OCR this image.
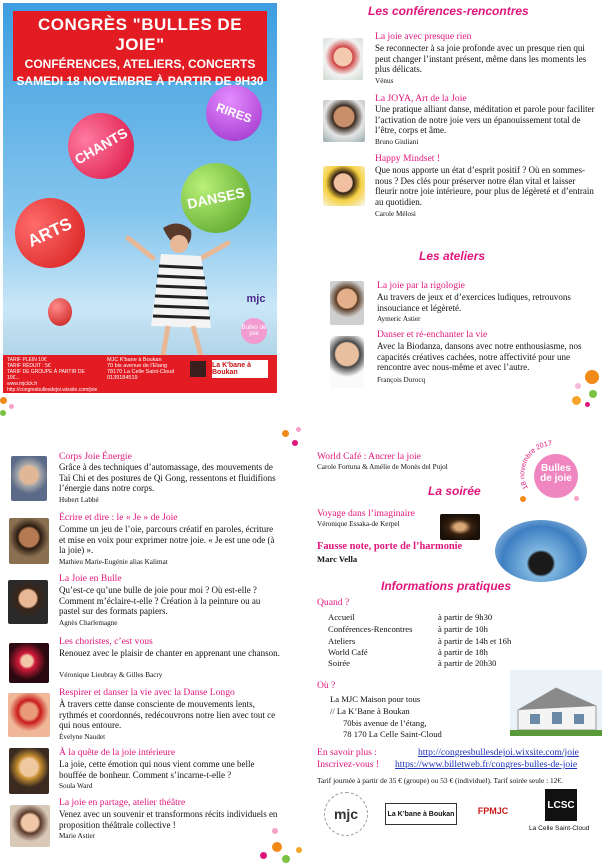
CONGRÈS "BULLES DE JOIE"
CONFÉRENCES, ATELIERS, CONCERTS
SAMEDI 18 NOVEMBRE À PARTIR DE 9H30
CHANTS
RIRES
DANSES
ARTS
mjc
Bulles de joie
TARIF PLEIN 10€
TARIF RÉDUIT : 5€
TARIF DE GROUPE À PARTIR DE 10€...
www.mjclck.fr
http://congresbullesdejoi.wixsite.com/joie
MJC K'bane à Boukan
70 bis avenue de l'Etang
78170 La Celle Saint-Cloud
0139184519
La K'bane à Boukan
Les conférences-rencontres
La joie avec presque rien
Se reconnecter à sa joie profonde avec un presque rien qui peut changer l’instant présent, même dans les moments les plus délicats.
Vénus
La JOYA, Art de la Joie
Une pratique alliant danse, méditation et parole pour faciliter l’activation de notre joie vers un épanouissement total de l’être, corps et âme.
Bruno Giuliani
Happy Mindset !
Que nous apporte un état d’esprit positif ? Où en sommes-nous ? Des clés pour préserver notre élan vital et laisser fleurir notre joie intérieure, pour plus de légèreté et d’entrain au quotidien.
Carole Mélosi
Les ateliers
La joie par la rigologie
Au travers de jeux et d’exercices ludiques, retrouvons insouciance et légèreté.
Aymeric Astier
Danser et ré-enchanter la vie
Avec la Biodanza, dansons avec notre enthousiasme, nos capacités créatives cachées, notre affectivité pour une rencontre avec nous-même et avec l’autre.
François Durocq
Corps Joie Énergie
Grâce à des techniques d’automassage, des mouvements de Taï Chi et des postures de Qi Gong, ressentons et fluidifions l’énergie dans notre corps.
Hubert Labbé
Écrire et dire : le « Je » de Joie
Comme un jeu de l’oie, parcours créatif en paroles, écriture et mise en voix pour exprimer notre joie. « Je est une ode (à la joie) ».
Mathieu Marie-Eugénie alias Kalimat
La Joie en Bulle
Qu’est-ce qu’une bulle de joie pour moi ? Où est-elle ? Comment m’éclaire-t-elle ? Création à la peinture ou au pastel sur des formats papiers.
Agnès Charlemagne
Les choristes, c’est vous
Renouez avec le plaisir de chanter en apprenant une chanson.
Véronique Lieubray & Gilles Bacry
Respirer et danser la vie avec la Danse Longo
À travers cette danse consciente de mouvements lents, rythmés et coordonnés, redécouvrons notre lien avec tout ce qui nous entoure.
Évelyne Naudet
À la quête de la joie intérieure
La joie, cette émotion qui nous vient comme une belle bouffée de bonheur. Comment s’incarne-t-elle ?
Soula Ward
La joie en partage, atelier théâtre
Venez avec un souvenir et transformons récits individuels en proposition théâtrale collective !
Marie Astier
World Café : Ancrer la joie
Carole Fortuna & Amélie de Monès del Pujol
18 novembre 2017
Bulles de joie
La soirée
Voyage dans l’imaginaire
Véronique Essaka-de Kerpel
Fausse note, porte de l’harmonie
Marc Vella
Informations pratiques
Quand ?
Accueil	à partir de 9h30
Conférences-Rencontres	à partir de 10h
Ateliers	à partir de 14h et 16h
World Café	à partir de 18h
Soirée	à partir de 20h30
Où ?
La MJC Maison pour tous
// La K’Bane à Boukan
70bis avenue de l’étang,
78 170 La Celle Saint-Cloud
En savoir plus :	http://congresbullesdejoi.wixsite.com/joie
Inscrivez-vous ! https://www.billetweb.fr/congres-bulles-de-joie
Tarif journée à partir de 35 € (groupe) ou 53 € (individuel). Tarif soirée seule : 12€.
mjc	La K’bane à Boukan	FPMJC
LCSC
La Celle Saint-Cloud
